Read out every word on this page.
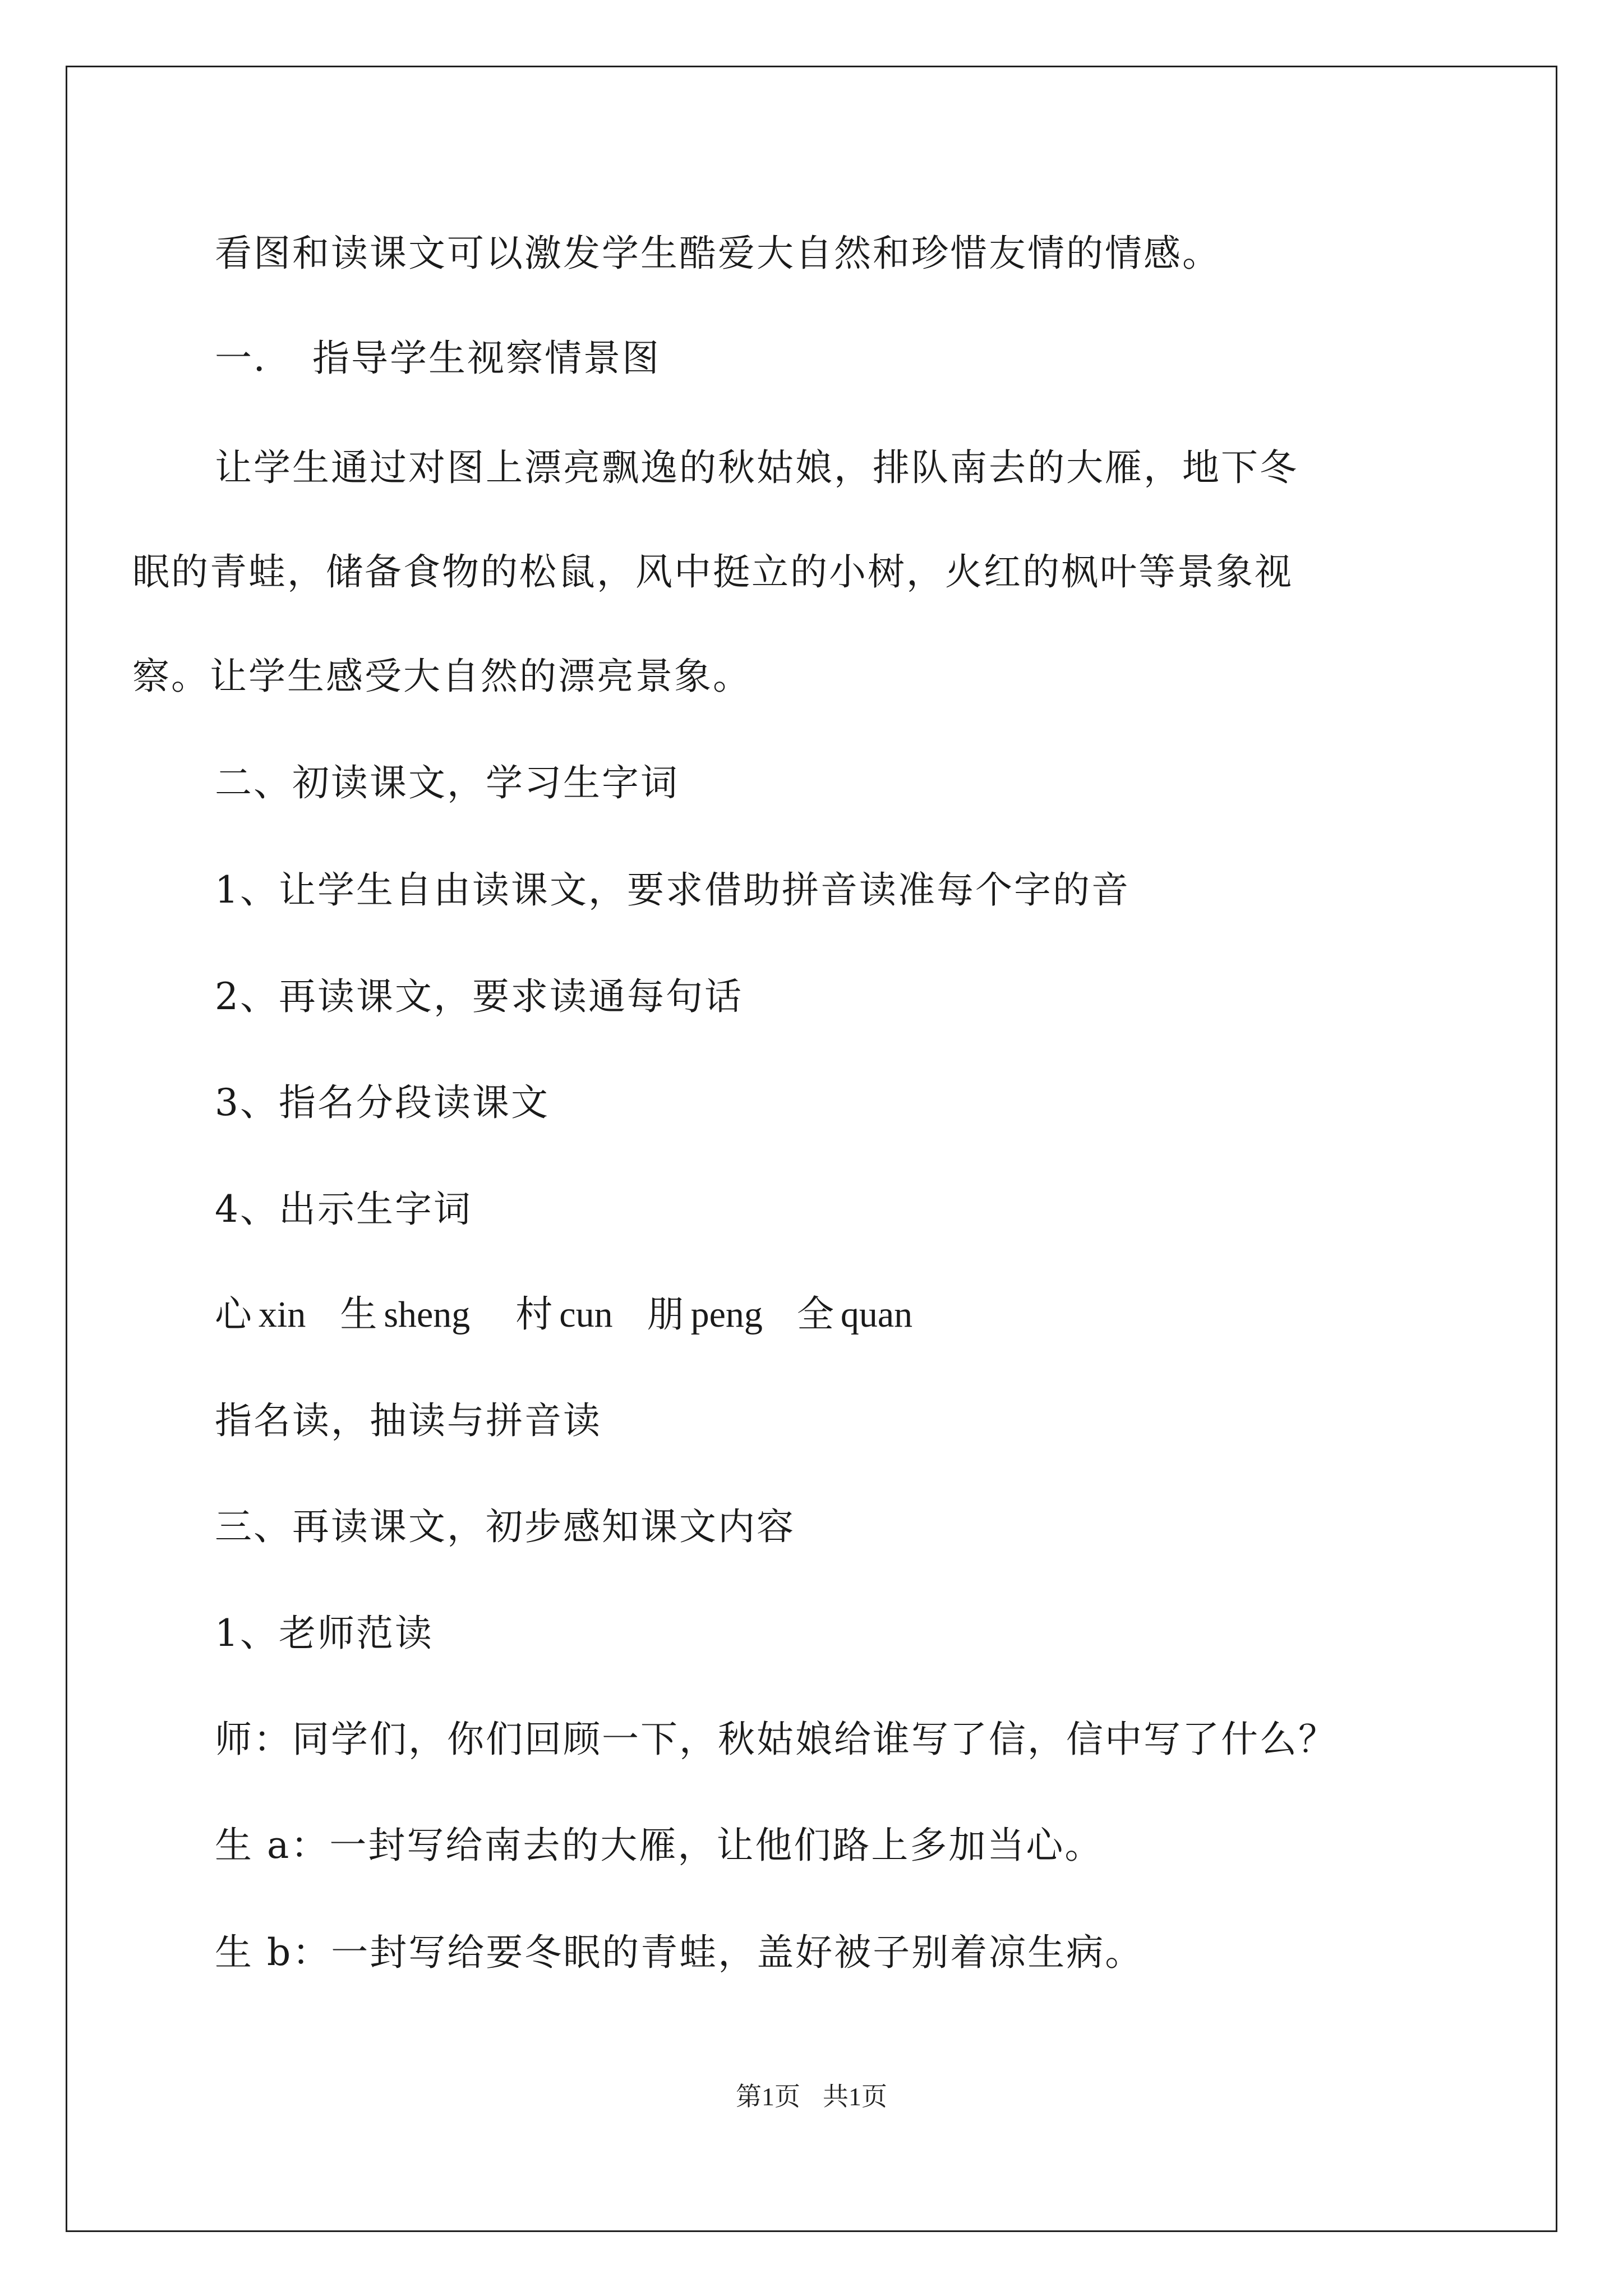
看图和读课文可以激发学生酷爱大自然和珍惜友情的情感。
一．　指导学生视察情景图
让学生通过对图上漂亮飘逸的秋姑娘，排队南去的大雁，地下冬
眠的青蛙，储备食物的松鼠，风中挺立的小树，火红的枫叶等景象视
察。让学生感受大自然的漂亮景象。
二、初读课文，学习生字词
1、让学生自由读课文，要求借助拼音读准每个字的音
2、再读课文，要求读通每句话
3、指名分段读课文
4、出示生字词
心 xin 生 sheng 村 cun 朋 peng 全 quan
指名读，抽读与拼音读
三、再读课文，初步感知课文内容
1、老师范读
师：同学们，你们回顾一下，秋姑娘给谁写了信，信中写了什么？
生 a：一封写给南去的大雁，让他们路上多加当心。
生 b：一封写给要冬眠的青蛙，盖好被子别着凉生病。
第1页 共1页
